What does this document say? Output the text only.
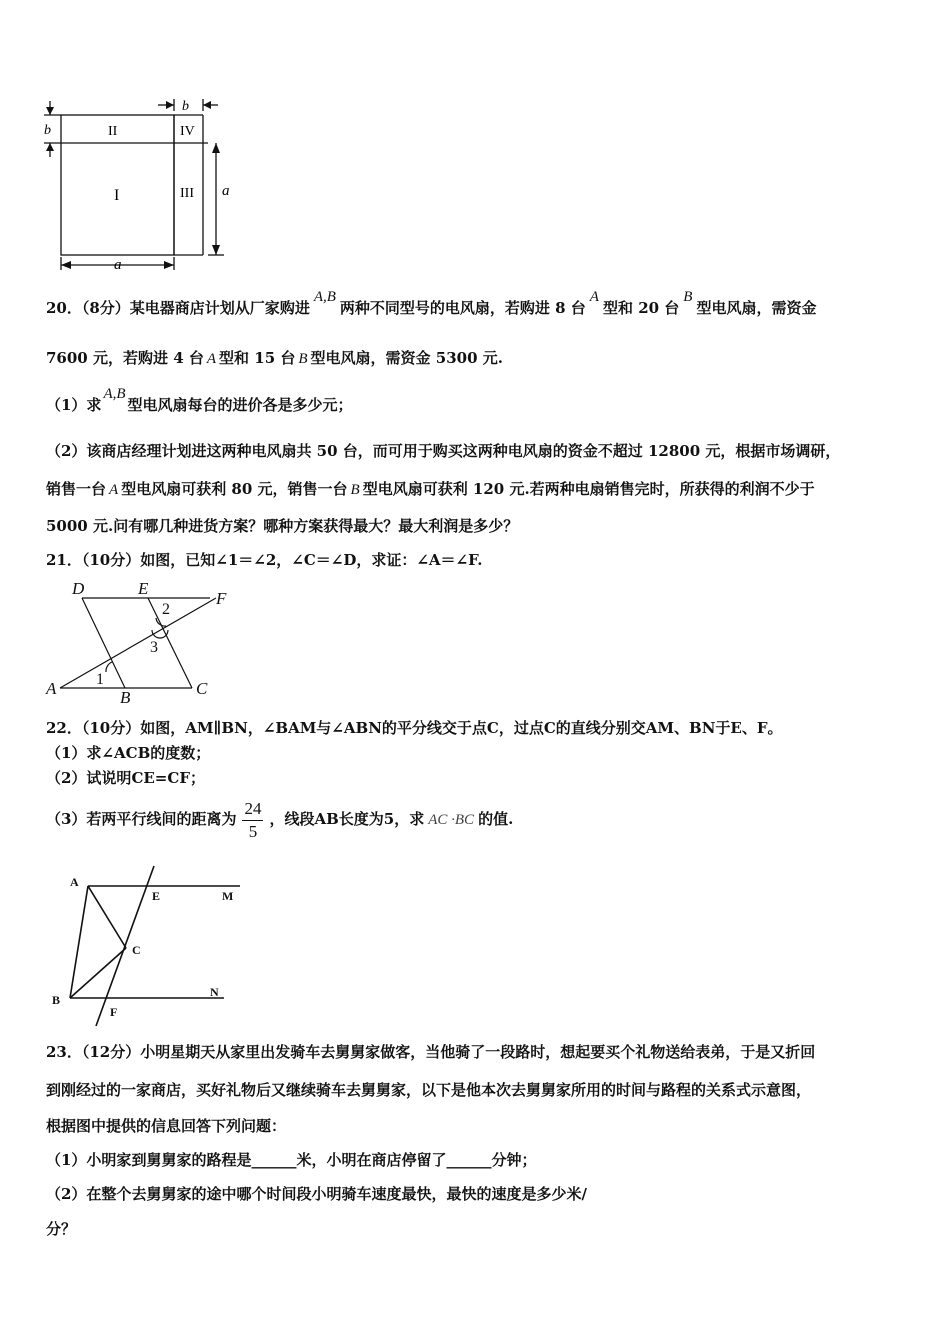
I
II
III
IV
a
a
b
b
20．（8分）某电器商店计划从厂家购进A,B两种不同型号的电风扇，若购进 8 台A型和 20 台B型电风扇，需资金
7600 元，若购进 4 台 A 型和 15 台 B 型电风扇，需资金 5300 元.
（1）求A,B型电风扇每台的进价各是多少元；
（2）该商店经理计划进这两种电风扇共 50 台，而可用于购买这两种电风扇的资金不超过 12800 元，根据市场调研，
销售一台 A 型电风扇可获利 80 元，销售一台 B 型电风扇可获利 120 元.若两种电扇销售完时，所获得的利润不少于
5000 元.问有哪几种进货方案？哪种方案获得最大？最大利润是多少？
21．（10分）如图，已知∠1＝∠2，∠C＝∠D，求证：∠A＝∠F.
D	E
F
A	B	C
1
2
3
22．（10分）如图，AM∥BN，∠BAM与∠ABN的平分线交于点C，过点C的直线分别交AM、BN于E、F。
（1）求∠ACB的度数；
（2）试说明CE=CF；
（3）若两平行线间的距离为 $\frac{24}{5}$ ，线段AB长度为5，求 AC ·BC 的值.
A
E	M
C
B
N
F
23．（12分）小明星期天从家里出发骑车去舅舅家做客，当他骑了一段路时，想起要买个礼物送给表弟，于是又折回
到刚经过的一家商店，买好礼物后又继续骑车去舅舅家，以下是他本次去舅舅家所用的时间与路程的关系式示意图，
根据图中提供的信息回答下列问题：
（1）小明家到舅舅家的路程是______米，小明在商店停留了______分钟；
（2）在整个去舅舅家的途中哪个时间段小明骑车速度最快，最快的速度是多少米/
分？
